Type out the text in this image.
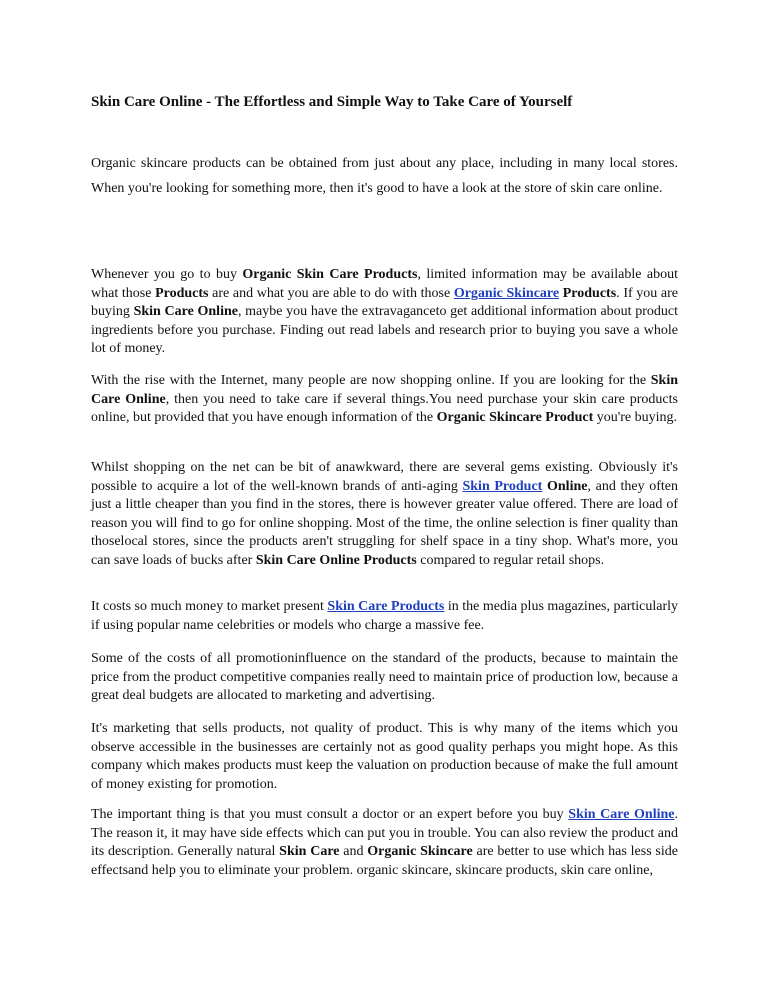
Skin Care Online - The Effortless and Simple Way to Take Care of Yourself

Organic skincare products can be obtained from just about any place, including in many local stores. When you're looking for something more, then it's good to have a look at the store of skin care online.

Whenever you go to buy Organic Skin Care Products, limited information may be available about what those Products are and what you are able to do with those Organic Skincare Products. If you are buying Skin Care Online, maybe you have the extravaganceto get additional information about product ingredients before you purchase. Finding out read labels and research prior to buying you save a whole lot of money.

With the rise with the Internet, many people are now shopping online. If you are looking for the Skin Care Online, then you need to take care if several things.You need purchase your skin care products online, but provided that you have enough information of the Organic Skincare Product you're buying.

Whilst shopping on the net can be bit of anawkward, there are several gems existing. Obviously it's possible to acquire a lot of the well-known brands of anti-aging Skin Product Online, and they often just a little cheaper than you find in the stores, there is however greater value offered. There are load of reason you will find to go for online shopping. Most of the time, the online selection is finer quality than thoselocal stores, since the products aren't struggling for shelf space in a tiny shop. What's more, you can save loads of bucks after Skin Care Online Products compared to regular retail shops.

It costs so much money to market present Skin Care Products in the media plus magazines, particularly if using popular name celebrities or models who charge a massive fee.

Some of the costs of all promotioninfluence on the standard of the products, because to maintain the price from the product competitive companies really need to maintain price of production low, because a great deal budgets are allocated to marketing and advertising.

It's marketing that sells products, not quality of product. This is why many of the items which you observe accessible in the businesses are certainly not as good quality perhaps you might hope. As this company which makes products must keep the valuation on production because of make the full amount of money existing for promotion.

The important thing is that you must consult a doctor or an expert before you buy Skin Care Online. The reason it, it may have side effects which can put you in trouble. You can also review the product and its description. Generally natural Skin Care and Organic Skincare are better to use which has less side effectsand help you to eliminate your problem. organic skincare, skincare products, skin care online,
